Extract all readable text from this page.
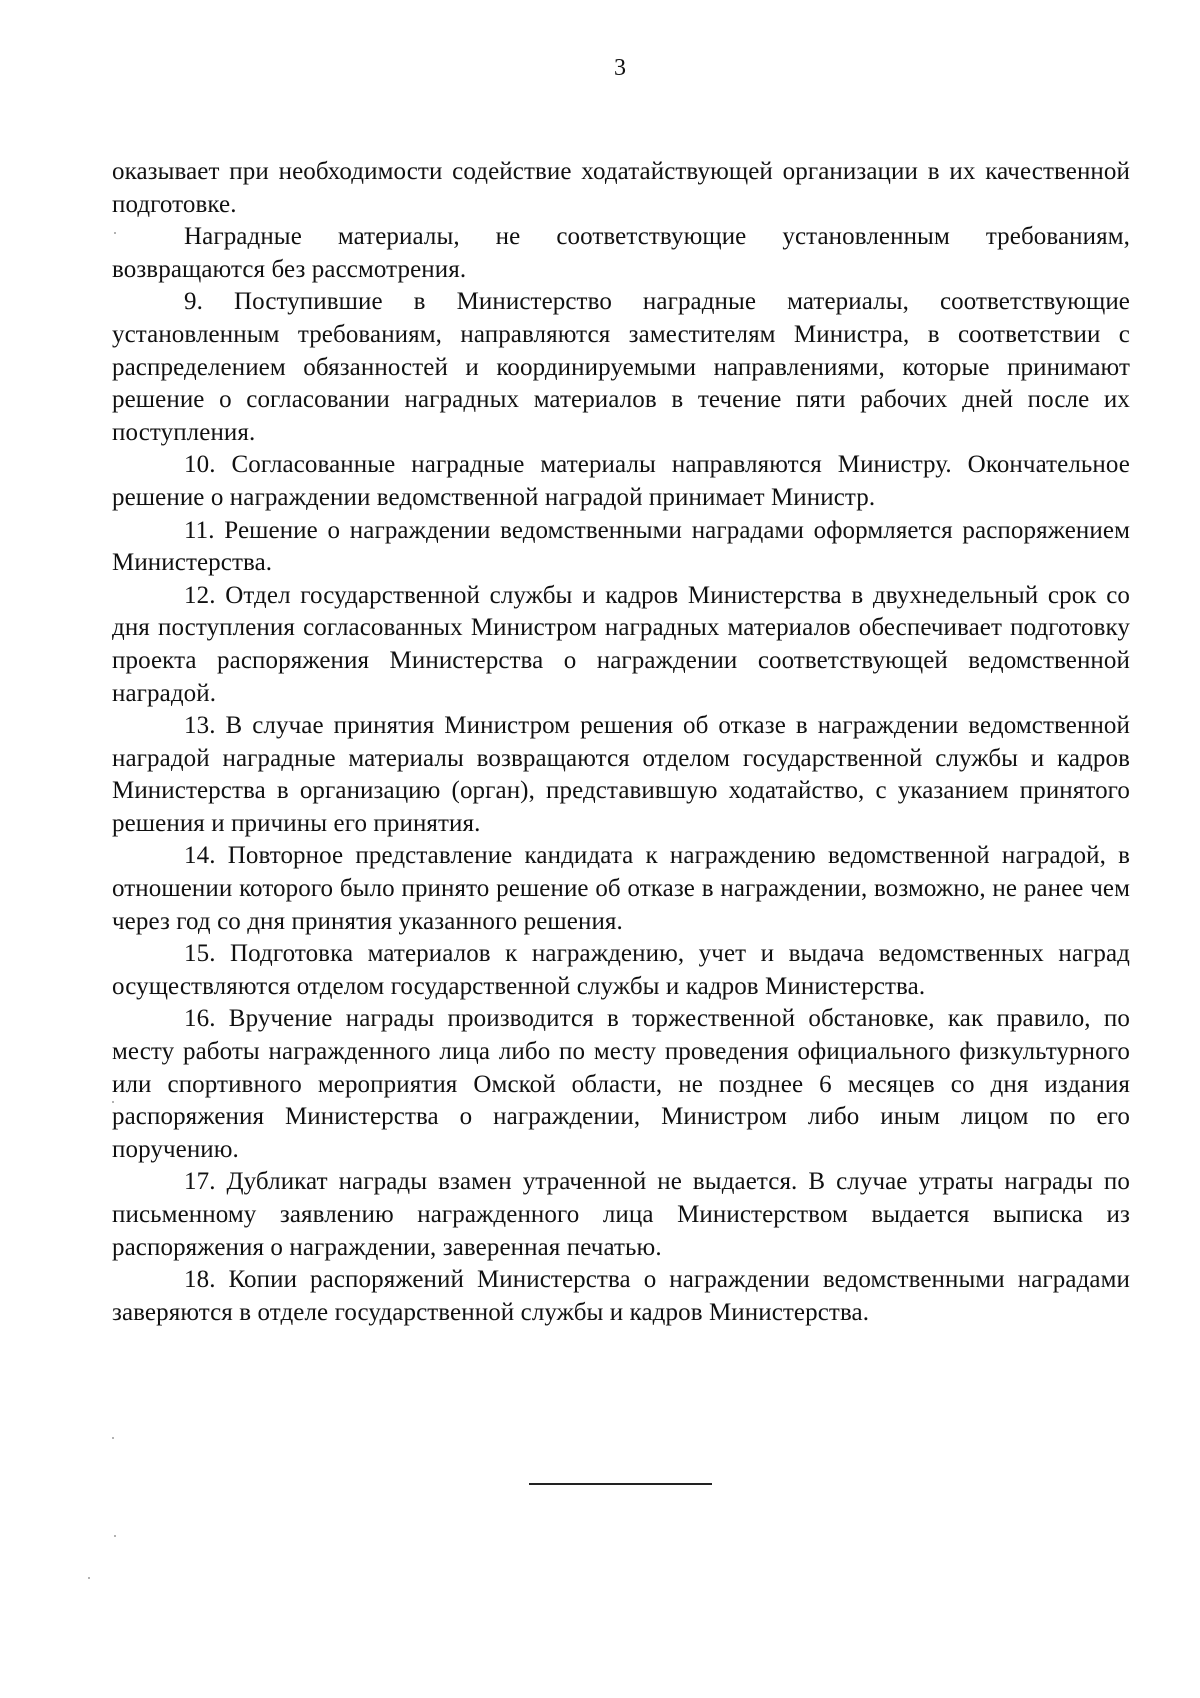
3

оказывает при необходимости содействие ходатайствующей организации в их качественной подготовке.

Наградные материалы, не соответствующие установленным требованиям, возвращаются без рассмотрения.

9. Поступившие в Министерство наградные материалы, соответствующие установленным требованиям, направляются заместителям Министра, в соответствии с распределением обязанностей и координируемыми направлениями, которые принимают решение о согласовании наградных материалов в течение пяти рабочих дней после их поступления.

10. Согласованные наградные материалы направляются Министру. Окончательное решение о награждении ведомственной наградой принимает Министр.

11. Решение о награждении ведомственными наградами оформляется распоряжением Министерства.

12. Отдел государственной службы и кадров Министерства в двухнедельный срок со дня поступления согласованных Министром наградных материалов обеспечивает подготовку проекта распоряжения Министерства о награждении соответствующей ведомственной наградой.

13. В случае принятия Министром решения об отказе в награждении ведомственной наградой наградные материалы возвращаются отделом государственной службы и кадров Министерства в организацию (орган), представившую ходатайство, с указанием принятого решения и причины его принятия.

14. Повторное представление кандидата к награждению ведомственной наградой, в отношении которого было принято решение об отказе в награждении, возможно, не ранее чем через год со дня принятия указанного решения.

15. Подготовка материалов к награждению, учет и выдача ведомственных наград осуществляются отделом государственной службы и кадров Министерства.

16. Вручение награды производится в торжественной обстановке, как правило, по месту работы награжденного лица либо по месту проведения официального физкультурного или спортивного мероприятия Омской области, не позднее 6 месяцев со дня издания распоряжения Министерства о награждении, Министром либо иным лицом по его поручению.

17. Дубликат награды взамен утраченной не выдается. В случае утраты награды по письменному заявлению награжденного лица Министерством выдается выписка из распоряжения о награждении, заверенная печатью.

18. Копии распоряжений Министерства о награждении ведомственными наградами заверяются в отделе государственной службы и кадров Министерства.
